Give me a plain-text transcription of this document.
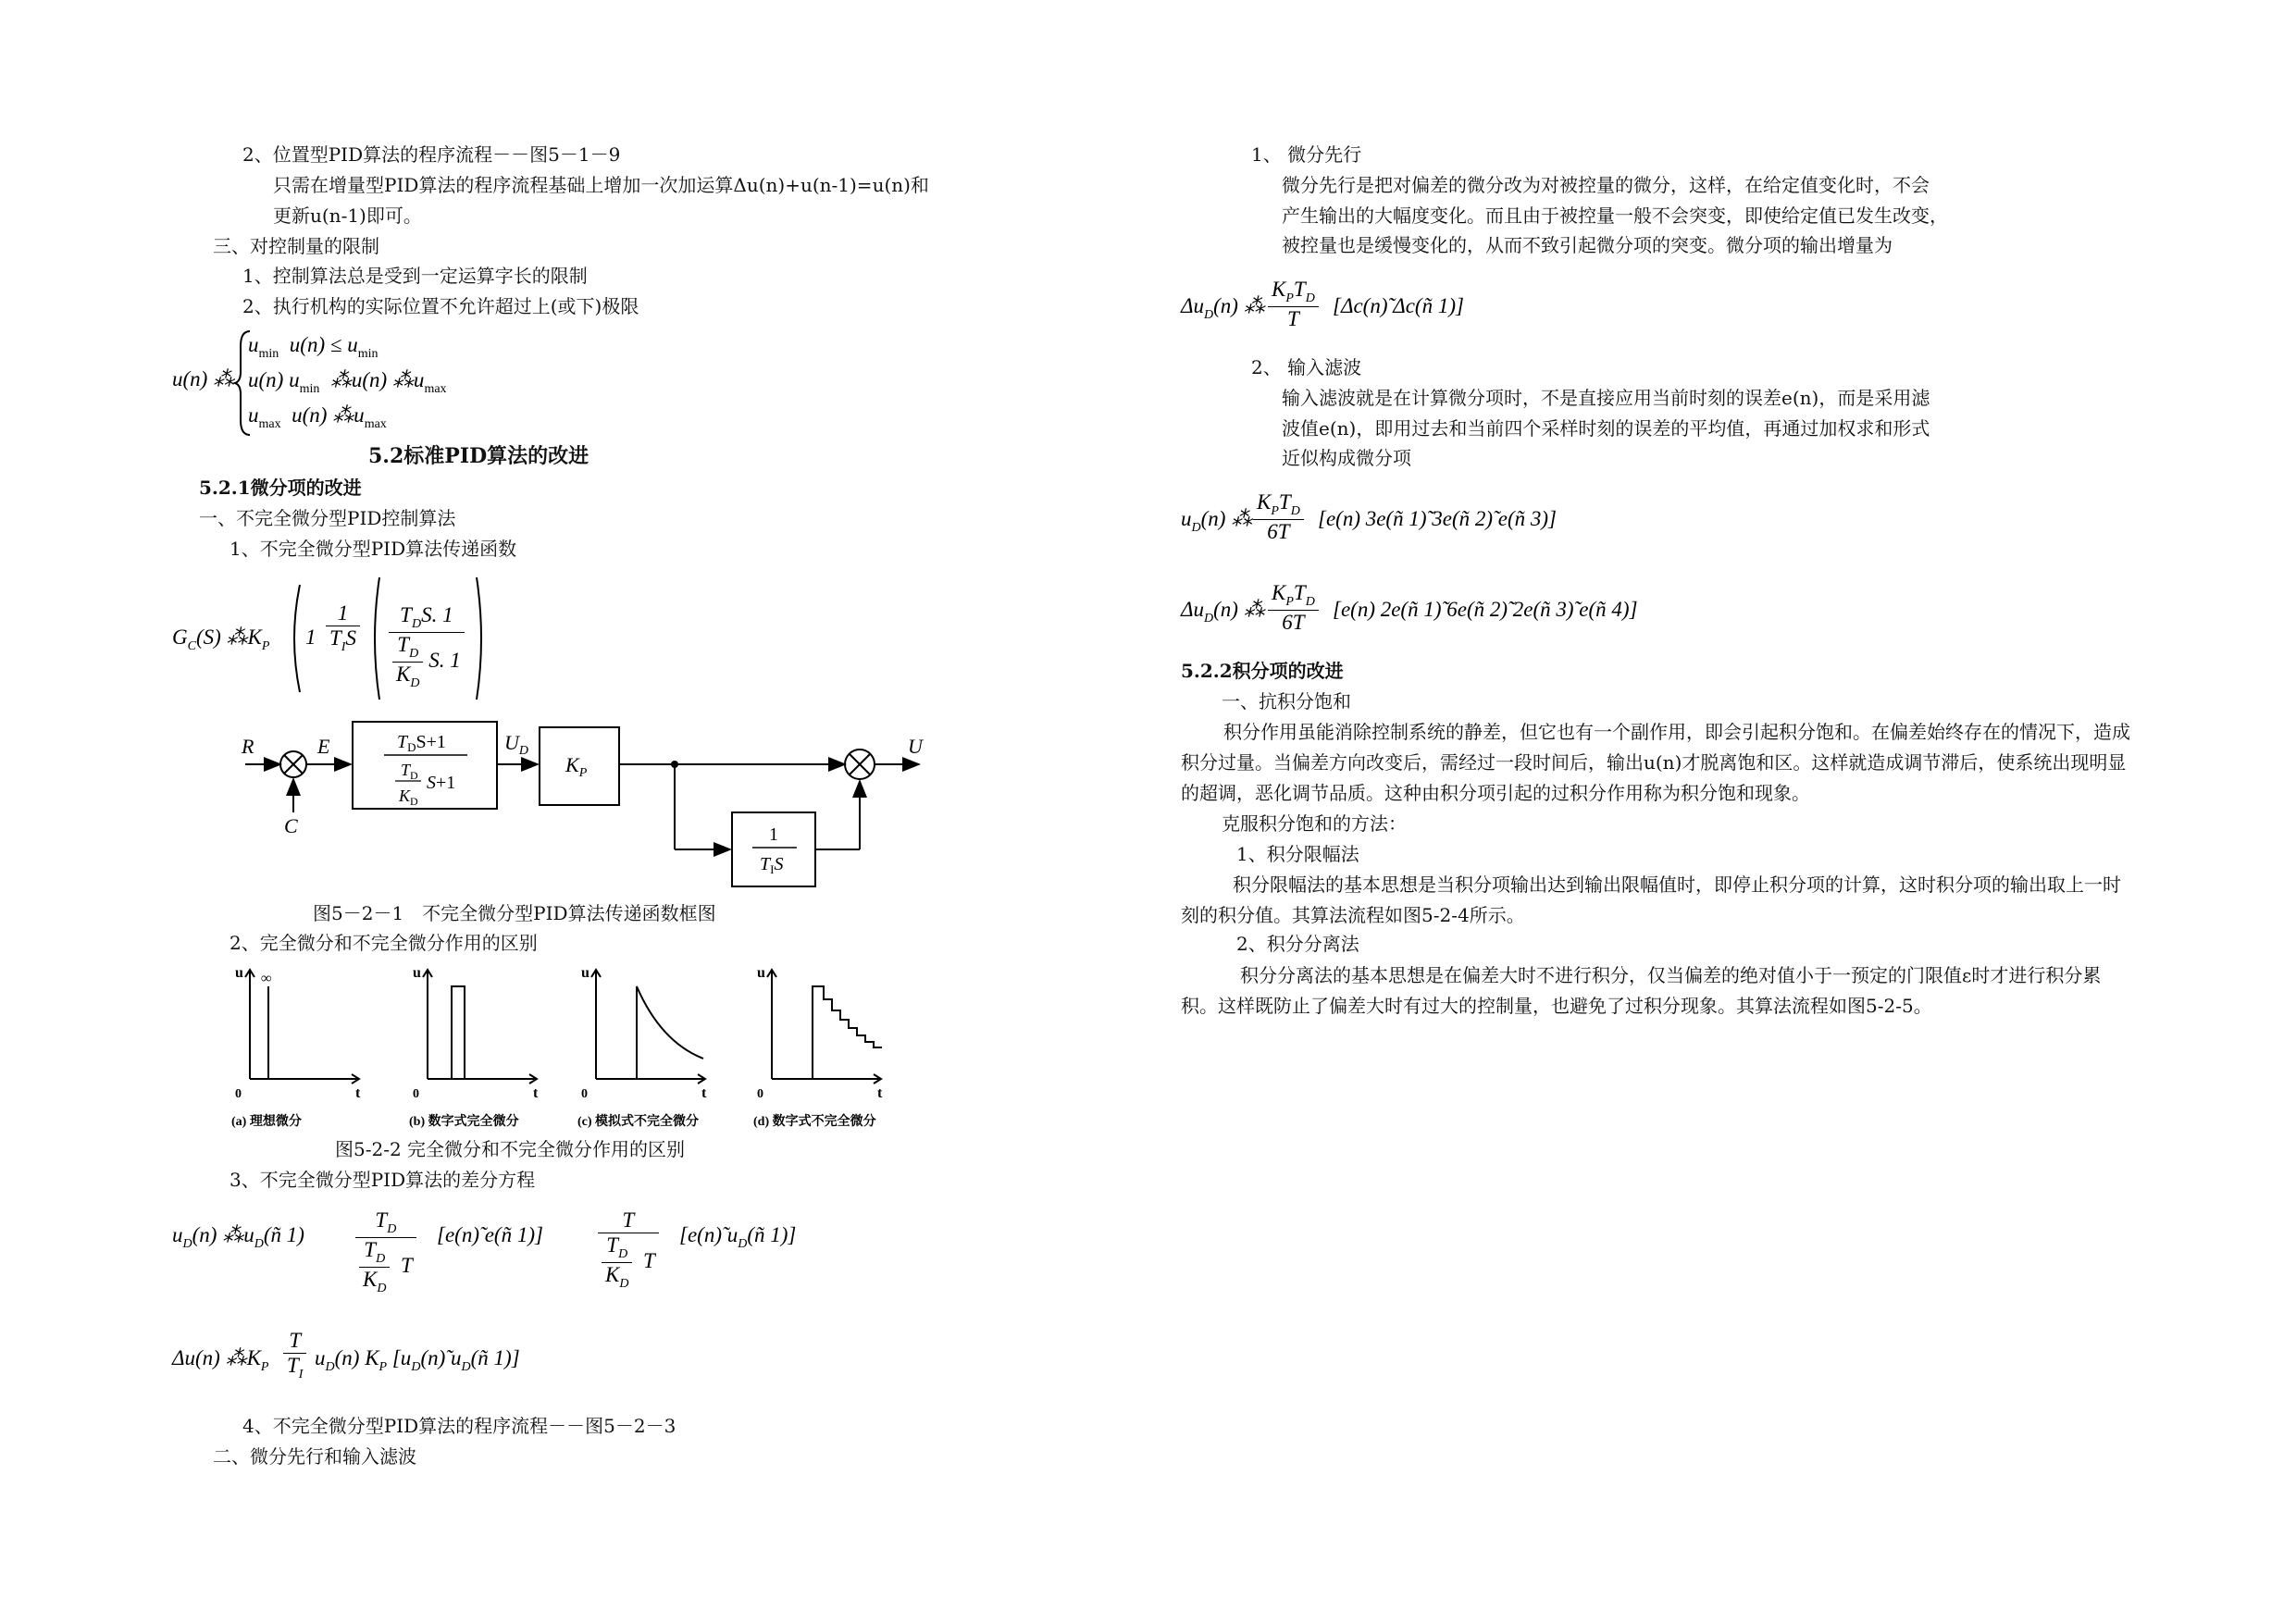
2、位置型PID算法的程序流程－－图5－1－9
只需在增量型PID算法的程序流程基础上增加一次加运算Δu(n)+u(n-1)=u(n)和
更新u(n-1)即可。
三、对控制量的限制
1、控制算法总是受到一定运算字长的限制
2、执行机构的实际位置不允许超过上(或下)极限
u(n) ⁂
$u_{min}$ $u(n) \le u_{min}$
u(n) $u_{min}$ ⁂u(n) $⁂u_{max}$
$u_{max}$ u(n) $⁂u_{max}$
5.2标准PID算法的改进
5.2.1微分项的改进
一、不完全微分型PID控制算法
1、不完全微分型PID算法传递函数
$G_C(S)$ $⁂K_P$ $1 \frac{1}{T_IS} \frac{T_DS. 1}{\frac{T_D}{K_D} S. 1}$
R	E
C
$U_D$
$K_P$
U
$T_DS+1$
$T_D$
$K_D$
S+1
1
$T_IS$
图5－2－1　不完全微分型PID算法传递函数框图
2、完全微分和不完全微分作用的区别
u
t
0
(a) 理想微分
∞	u
t
0
(b) 数字式完全微分
u
t
0
(c) 模拟式不完全微分
u
t
0
(d) 数字式不完全微分
图5-2-2 完全微分和不完全微分作用的区别
3、不完全微分型PID算法的差分方程
$u_D(n)$ $⁂u_D(ñ$ $1) \frac{T_D}{\frac{T_D}{K_D} T}$ [e(n)̃ e(ñ 1)]	$\frac{T}{\frac{T_D}{K_D} T}$ [e(n)̃ $u_D(ñ$ 1)]
Δu(n) $⁂K_P \frac{T}{T_I} u_D(n)$ $K_P$ [$u_D(n)̃$ $u_D(ñ$ 1)]
4、不完全微分型PID算法的程序流程－－图5－2－3
二、微分先行和输入滤波
1、 微分先行
微分先行是把对偏差的微分改为对被控量的微分，这样，在给定值变化时，不会
产生输出的大幅度变化。而且由于被控量一般不会突变，即使给定值已发生改变，
被控量也是缓慢变化的，从而不致引起微分项的突变。微分项的输出增量为
$\Delta u_D(n)$ ⁂ $\frac{K_PT_D}{T}$ [Δc(n)̃ Δc(ñ 1)]
2、 输入滤波
输入滤波就是在计算微分项时，不是直接应用当前时刻的误差e(n)，而是采用滤
波值e(n)，即用过去和当前四个采样时刻的误差的平均值，再通过加权求和形式
近似构成微分项
$u_D(n)$ ⁂ $\frac{K_PT_D}{6T} [e(n)$ 3e(ñ 1)̃ 3e(ñ 2)̃ e(ñ 3)]
$\Delta u_D(n)$ ⁂ $\frac{K_PT_D}{6T} [e(n)$ 2e(ñ 1)̃ 6e(ñ 2)̃ 2e(ñ 3)̃ e(ñ 4)]
5.2.2积分项的改进
一、抗积分饱和
积分作用虽能消除控制系统的静差，但它也有一个副作用，即会引起积分饱和。在偏差始终存在的情况下，造成积分过量。当偏差方向改变后，需经过一段时间后，输出u(n)才脱离饱和区。这样就造成调节滞后，使系统出现明显的超调，恶化调节品质。这种由积分项引起的过积分作用称为积分饱和现象。
克服积分饱和的方法：
1、积分限幅法
积分限幅法的基本思想是当积分项输出达到输出限幅值时，即停止积分项的计算，这时积分项的输出取上一时刻的积分值。其算法流程如图5-2-4所示。
2、积分分离法
积分分离法的基本思想是在偏差大时不进行积分，仅当偏差的绝对值小于一预定的门限值ε时才进行积分累积。这样既防止了偏差大时有过大的控制量，也避免了过积分现象。其算法流程如图5-2-5。
